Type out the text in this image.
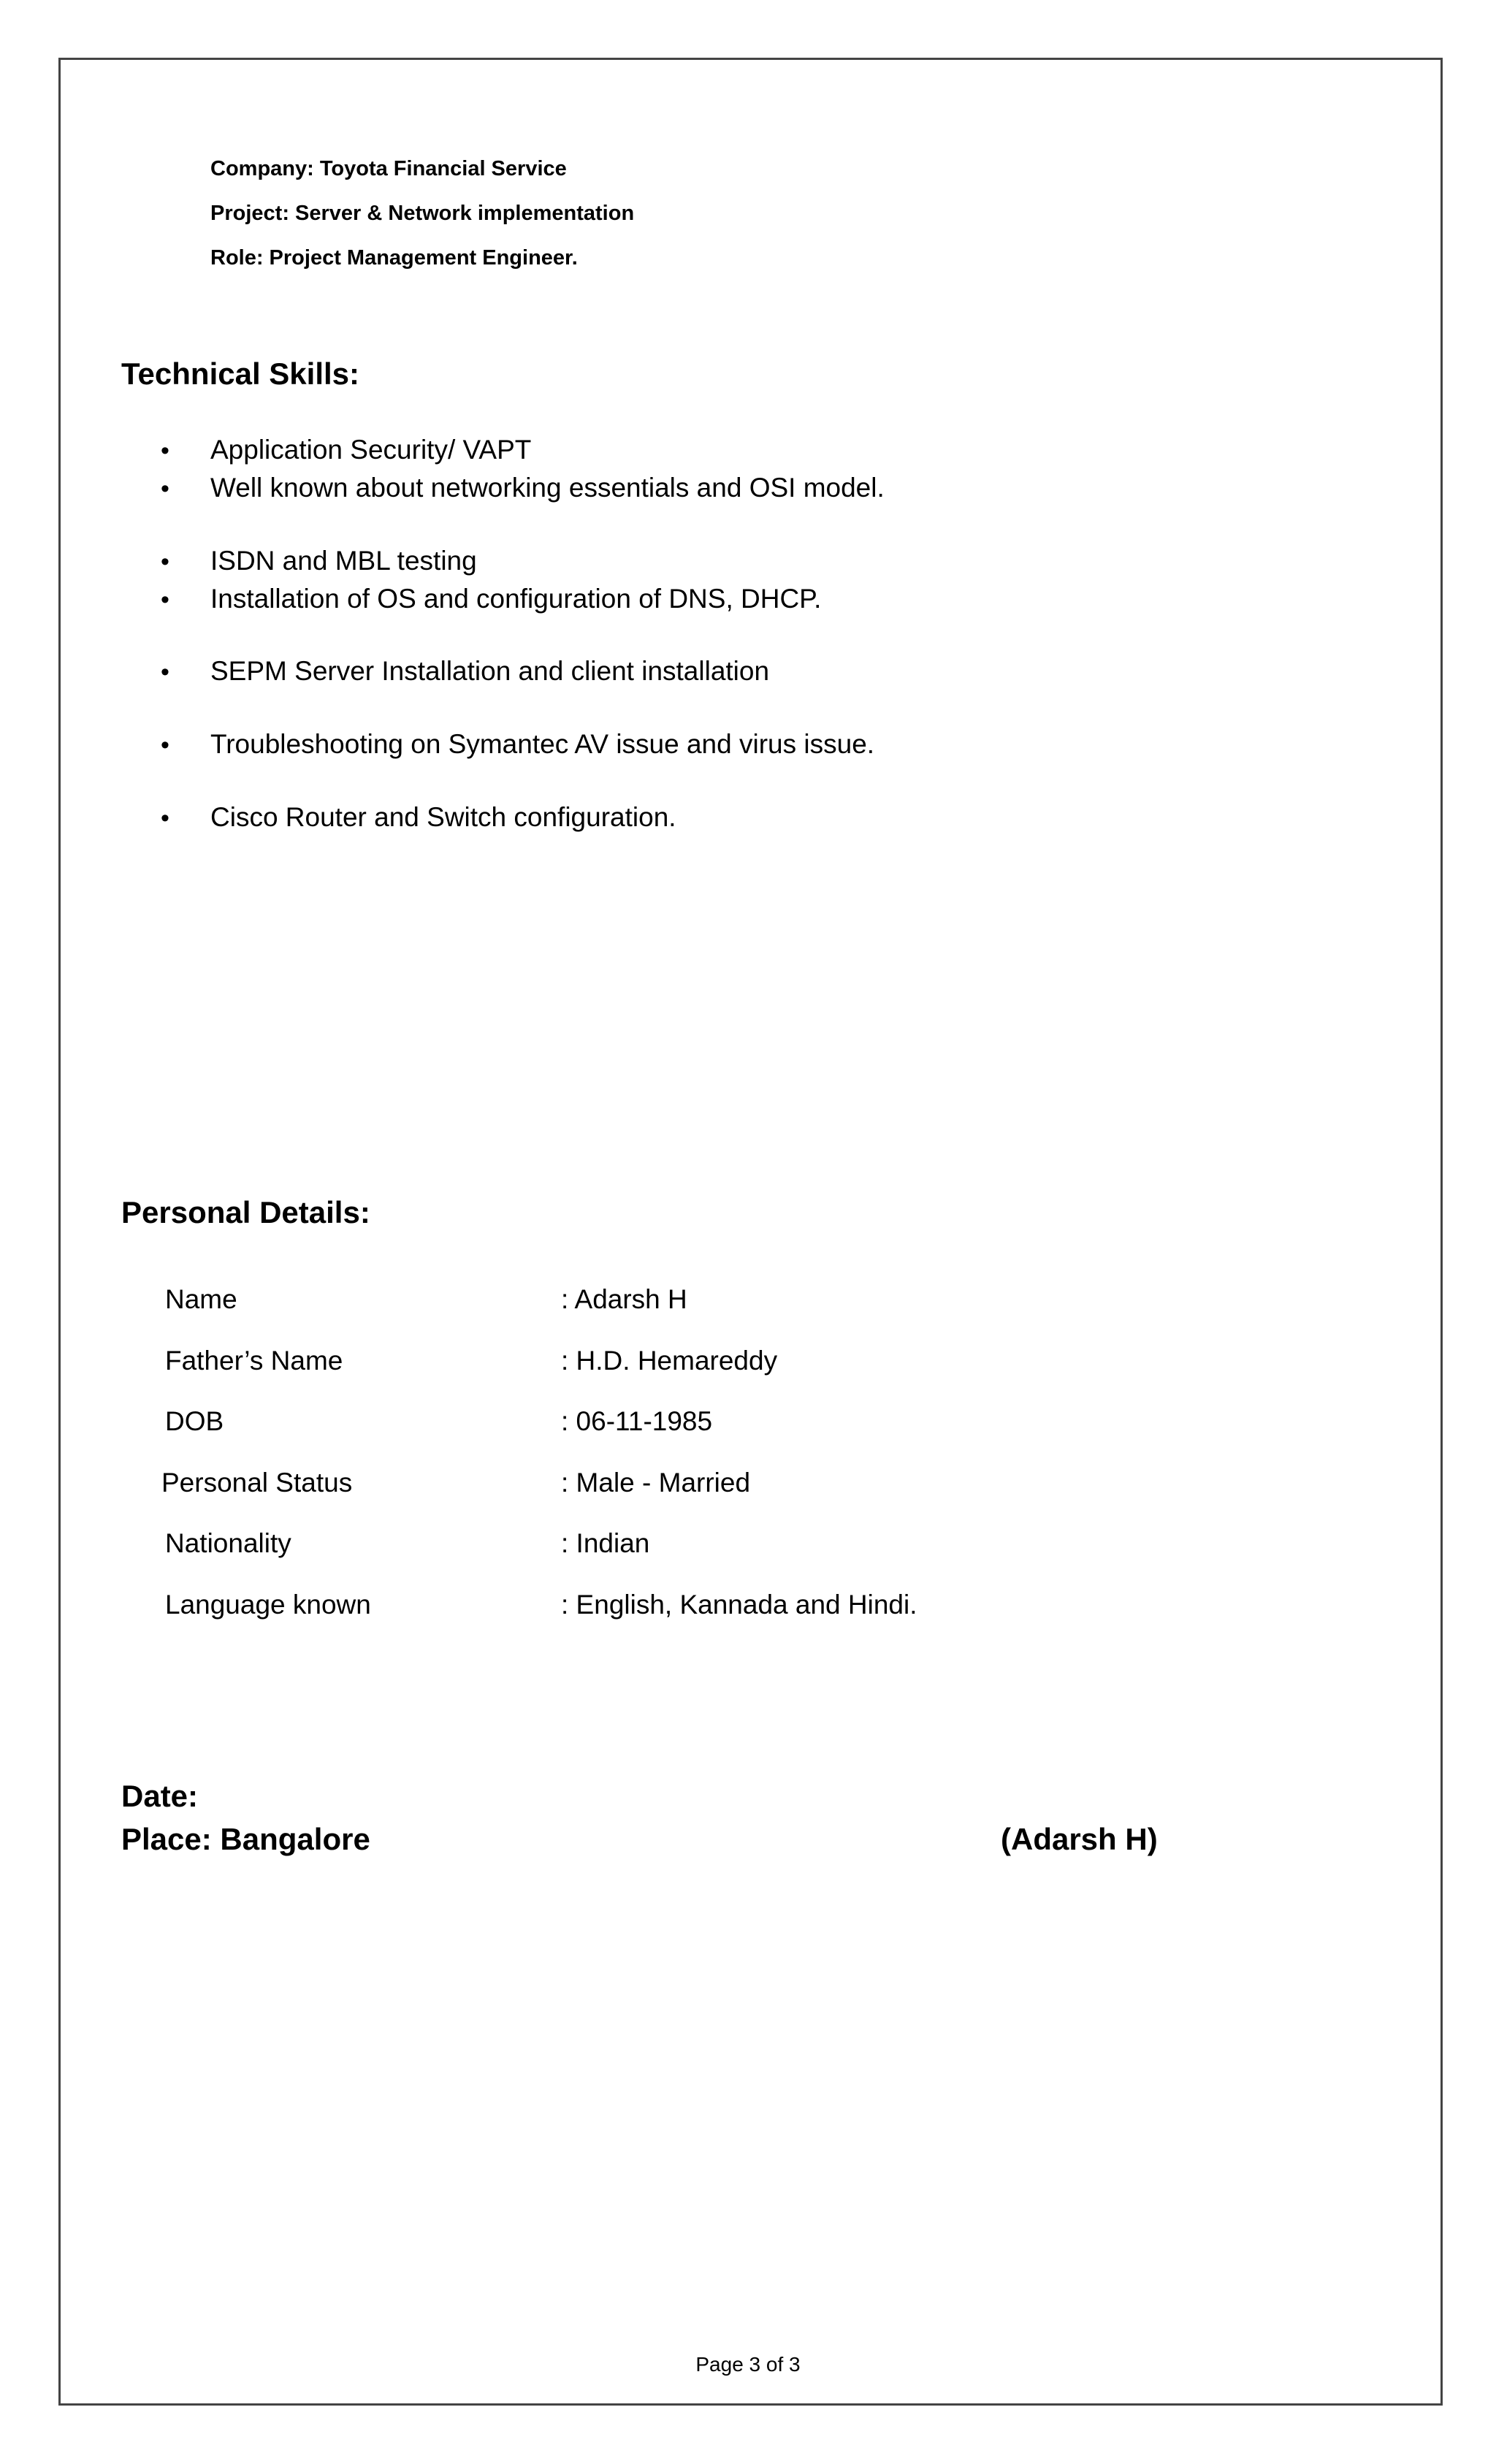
Company: Toyota Financial Service
Project: Server & Network implementation
Role: Project Management Engineer.
Technical Skills:
• Application Security/ VAPT
• Well known about networking essentials and OSI model.
• ISDN and MBL testing
• Installation of OS and configuration of DNS, DHCP.
• SEPM Server Installation and client installation
• Troubleshooting on Symantec AV issue and virus issue.
• Cisco Router and Switch configuration.
Personal Details:
Name	: Adarsh H
Father’s Name	: H.D. Hemareddy
DOB	: 06-11-1985
Personal Status	: Male - Married
Nationality	: Indian
Language known	: English, Kannada and Hindi.
Date:
Place: Bangalore	(Adarsh H)
Page 3 of 3
